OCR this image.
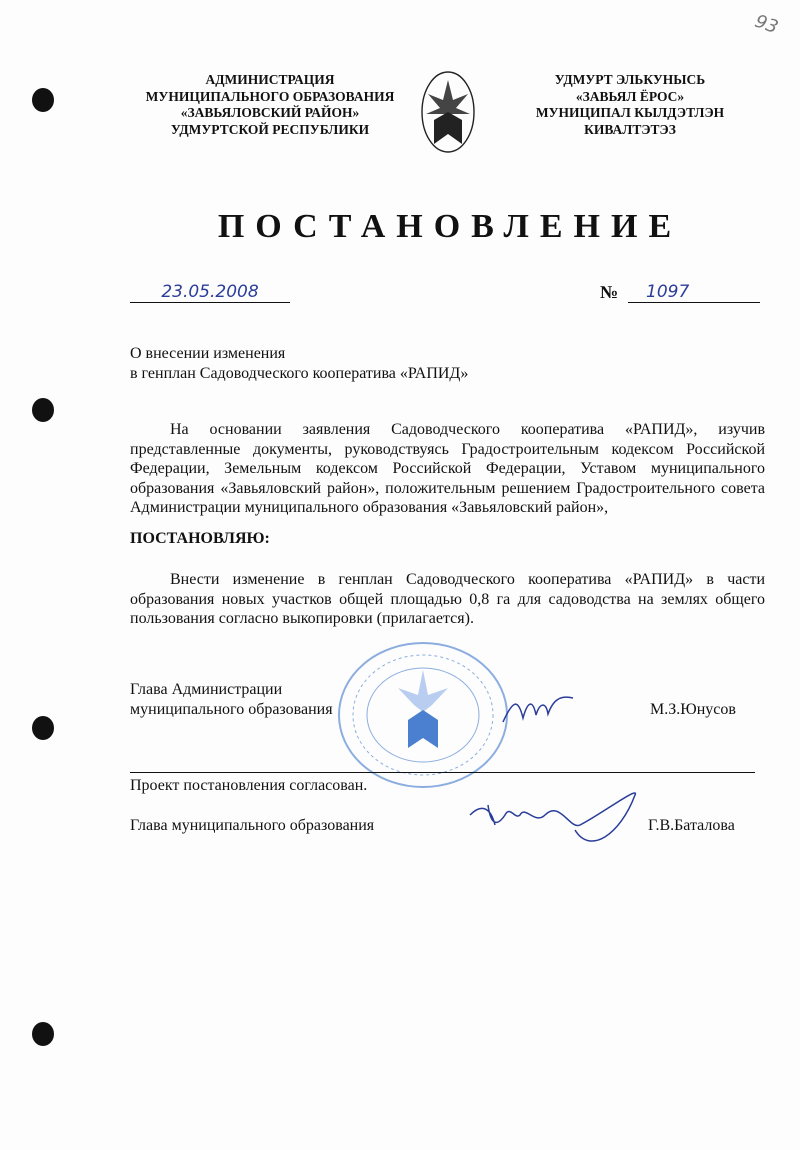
93
АДМИНИСТРАЦИЯ
МУНИЦИПАЛЬНОГО ОБРАЗОВАНИЯ
«ЗАВЬЯЛОВСКИЙ РАЙОН»
УДМУРТСКОЙ РЕСПУБЛИКИ
УДМУРТ ЭЛЬКУНЫСЬ
«ЗАВЬЯЛ ЁРОС»
МУНИЦИПАЛ КЫЛДЭТЛЭН
КИВАЛТЭТЭЗ
ПОСТАНОВЛЕНИЕ
23.05.2008	№	1097
О внесении изменения
в генплан Садоводческого кооператива «РАПИД»
На основании заявления Садоводческого кооператива «РАПИД», изучив представленные документы, руководствуясь Градостроительным кодексом Российской Федерации, Земельным кодексом Российской Федерации, Уставом муниципального образования «Завьяловский район», положительным решением Градостроительного совета Администрации муниципального образования «Завьяловский район»,
ПОСТАНОВЛЯЮ:
Внести изменение в генплан Садоводческого кооператива «РАПИД» в части образования новых участков общей площадью 0,8 га для садоводства на землях общего пользования согласно выкопировки (прилагается).
Глава Администрации
муниципального образования	М.З.Юнусов
Проект постановления согласован.
Глава муниципального образования	Г.В.Баталова
